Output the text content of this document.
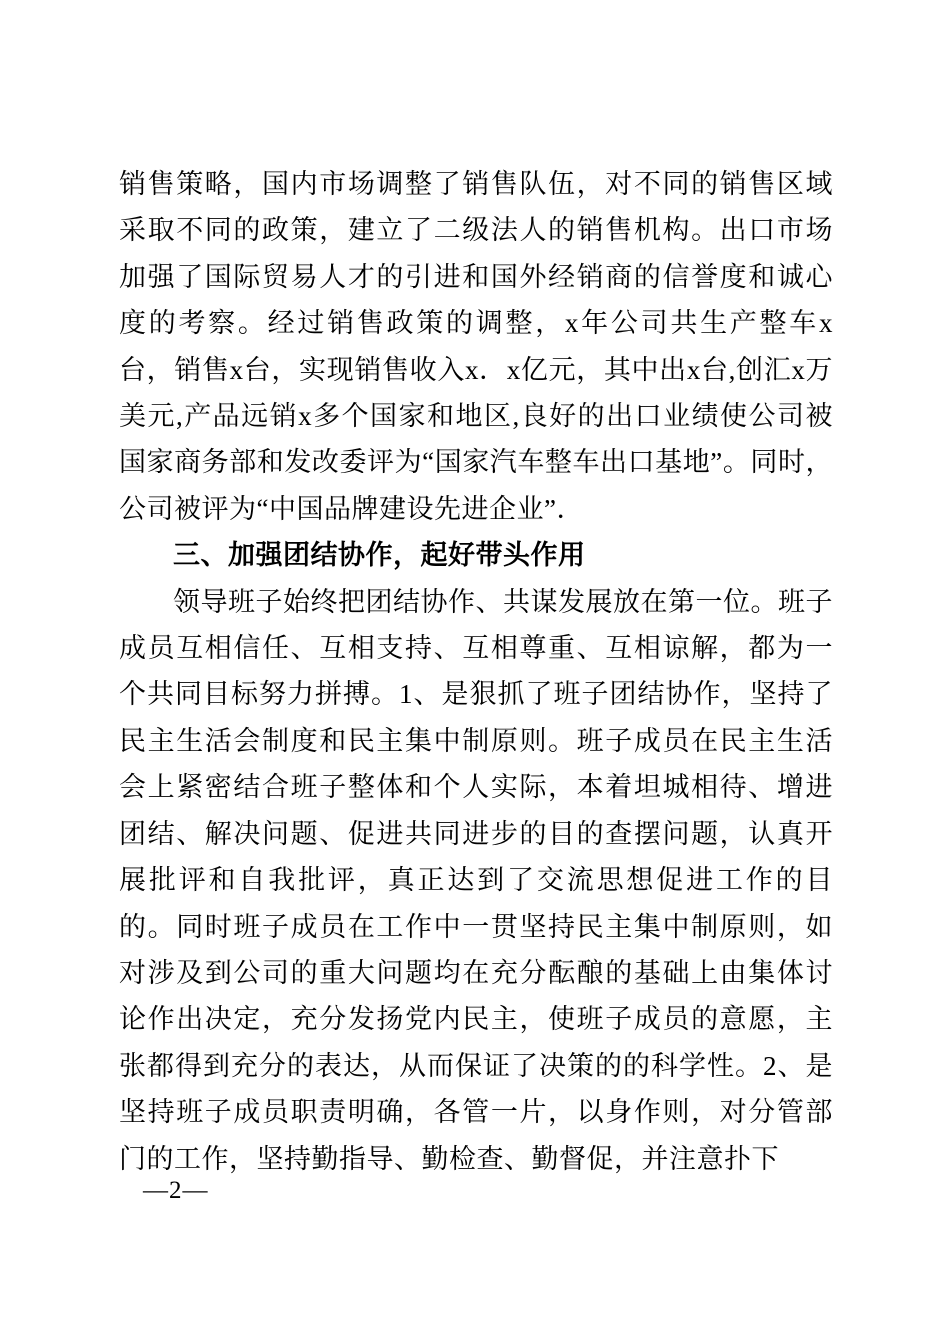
销售策略，国内市场调整了销售队伍，对不同的销售区域采取不同的政策，建立了二级法人的销售机构。出口市场加强了国际贸易人才的引进和国外经销商的信誉度和诚心度的考察。经过销售政策的调整，x年公司共生产整车x台，销售x台，实现销售收入x．x亿元，其中出x台,创汇x万美元,产品远销x多个国家和地区,良好的出口业绩使公司被国家商务部和发改委评为“国家汽车整车出口基地”。同时，公司被评为“中国品牌建设先进企业”．

三、加强团结协作，起好带头作用

领导班子始终把团结协作、共谋发展放在第一位。班子成员互相信任、互相支持、互相尊重、互相谅解，都为一个共同目标努力拼搏。1、是狠抓了班子团结协作，坚持了民主生活会制度和民主集中制原则。班子成员在民主生活会上紧密结合班子整体和个人实际，本着坦城相待、增进团结、解决问题、促进共同进步的目的查摆问题，认真开展批评和自我批评，真正达到了交流思想促进工作的目的。同时班子成员在工作中一贯坚持民主集中制原则，如对涉及到公司的重大问题均在充分酝酿的基础上由集体讨论作出决定，充分发扬党内民主，使班子成员的意愿，主张都得到充分的表达，从而保证了决策的的科学性。2、是坚持班子成员职责明确，各管一片，以身作则，对分管部门的工作，坚持勤指导、勤检查、勤督促，并注意扑下

—2—
